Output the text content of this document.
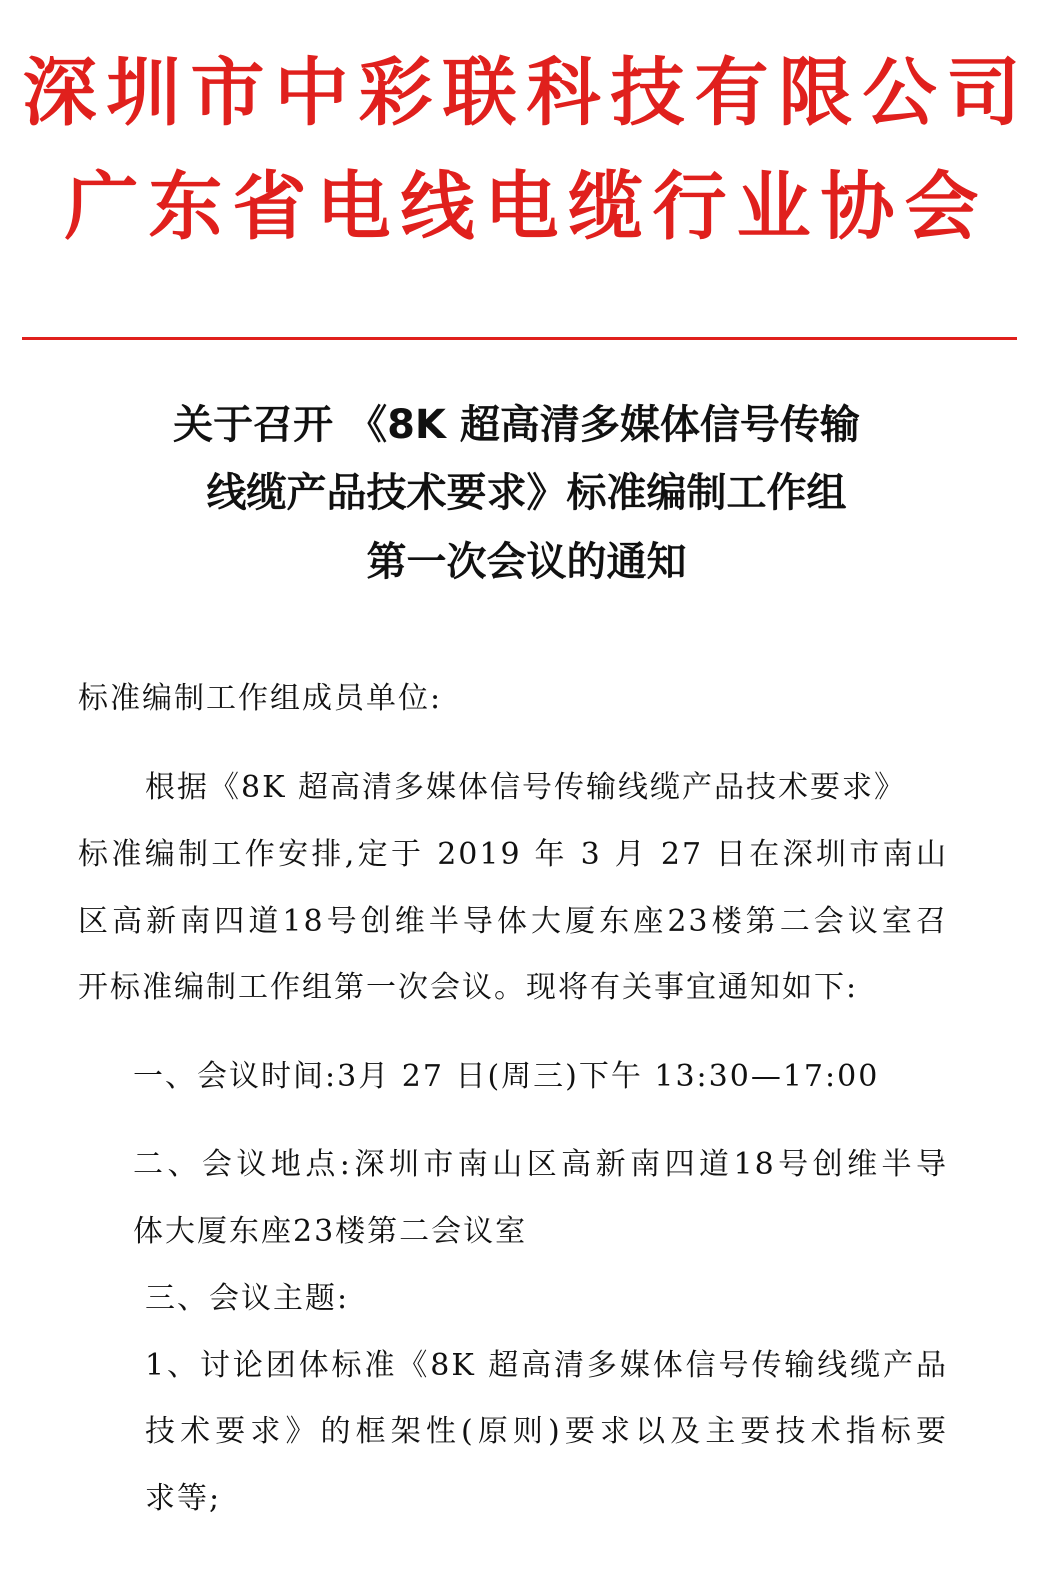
深圳市中彩联科技有限公司
广东省电线电缆行业协会
关于召开 《8K 超高清多媒体信号传输
线缆产品技术要求》标准编制工作组
第一次会议的通知
标准编制工作组成员单位:
根据《8K 超高清多媒体信号传输线缆产品技术要求》
标准编制工作安排,定于 2019 年 3 月 27 日在深圳市南山
区高新南四道18号创维半导体大厦东座23楼第二会议室召
开标准编制工作组第一次会议。现将有关事宜通知如下:
一、会议时间:3月 27 日(周三)下午 13:30—17:00
二、会议地点:深圳市南山区高新南四道18号创维半导
体大厦东座23楼第二会议室
三、会议主题:
1、讨论团体标准《8K 超高清多媒体信号传输线缆产品
技术要求》的框架性(原则)要求以及主要技术指标要
求等;
